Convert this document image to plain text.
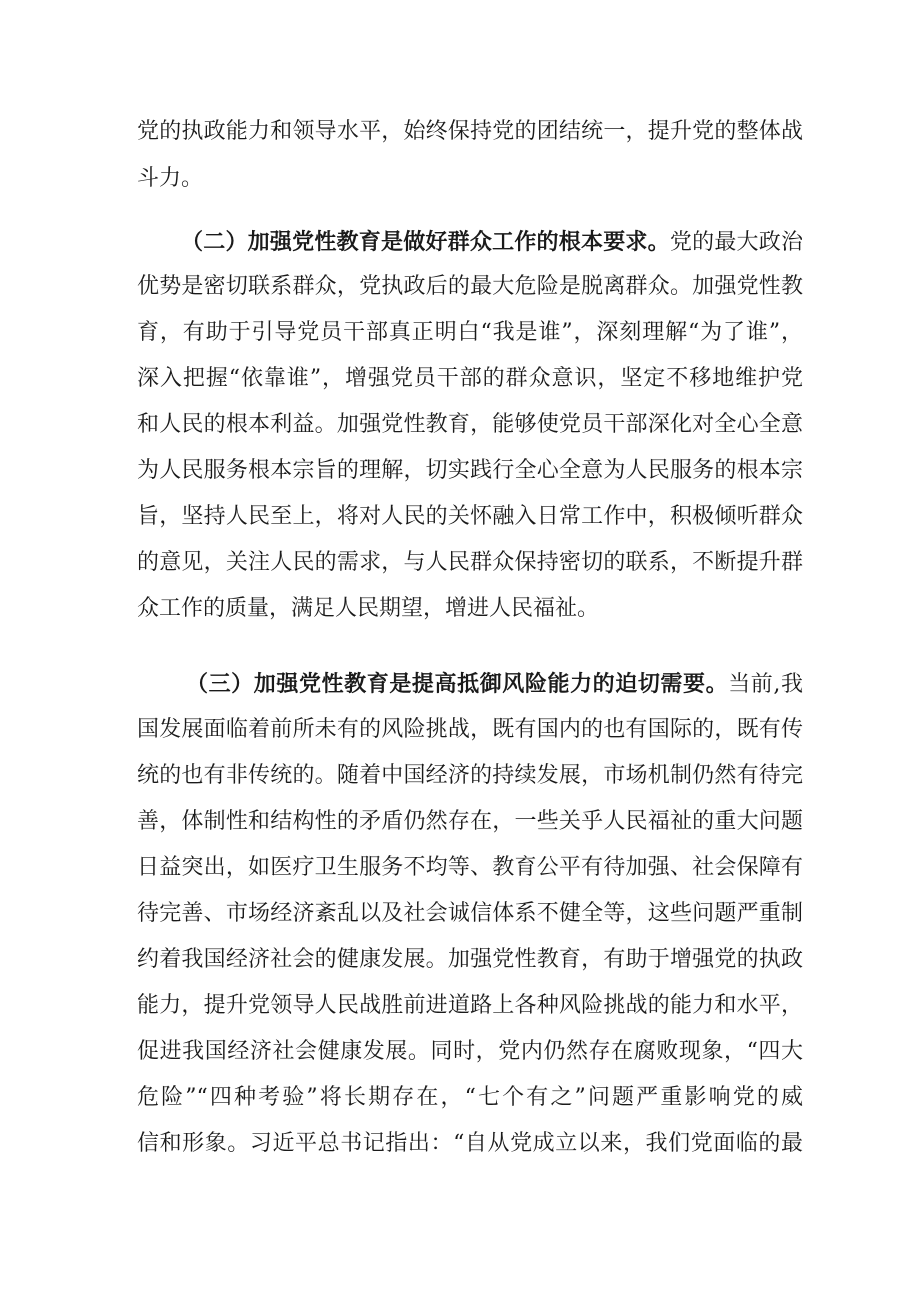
党的执政能力和领导水平，始终保持党的团结统一，提升党的整体战
斗力。
（二）加强党性教育是做好群众工作的根本要求。党的最大政治
优势是密切联系群众，党执政后的最大危险是脱离群众。加强党性教
育，有助于引导党员干部真正明白“我是谁”，深刻理解“为了谁”，
深入把握“依靠谁”，增强党员干部的群众意识，坚定不移地维护党
和人民的根本利益。加强党性教育，能够使党员干部深化对全心全意
为人民服务根本宗旨的理解，切实践行全心全意为人民服务的根本宗
旨，坚持人民至上，将对人民的关怀融入日常工作中，积极倾听群众
的意见，关注人民的需求，与人民群众保持密切的联系，不断提升群
众工作的质量，满足人民期望，增进人民福祉。
（三）加强党性教育是提高抵御风险能力的迫切需要。当前,我
国发展面临着前所未有的风险挑战，既有国内的也有国际的，既有传
统的也有非传统的。随着中国经济的持续发展，市场机制仍然有待完
善，体制性和结构性的矛盾仍然存在，一些关乎人民福祉的重大问题
日益突出，如医疗卫生服务不均等、教育公平有待加强、社会保障有
待完善、市场经济紊乱以及社会诚信体系不健全等，这些问题严重制
约着我国经济社会的健康发展。加强党性教育，有助于增强党的执政
能力，提升党领导人民战胜前进道路上各种风险挑战的能力和水平，
促进我国经济社会健康发展。同时，党内仍然存在腐败现象，“四大
危险”“四种考验”将长期存在，“七个有之”问题严重影响党的威
信和形象。习近平总书记指出：“自从党成立以来，我们党面临的最
